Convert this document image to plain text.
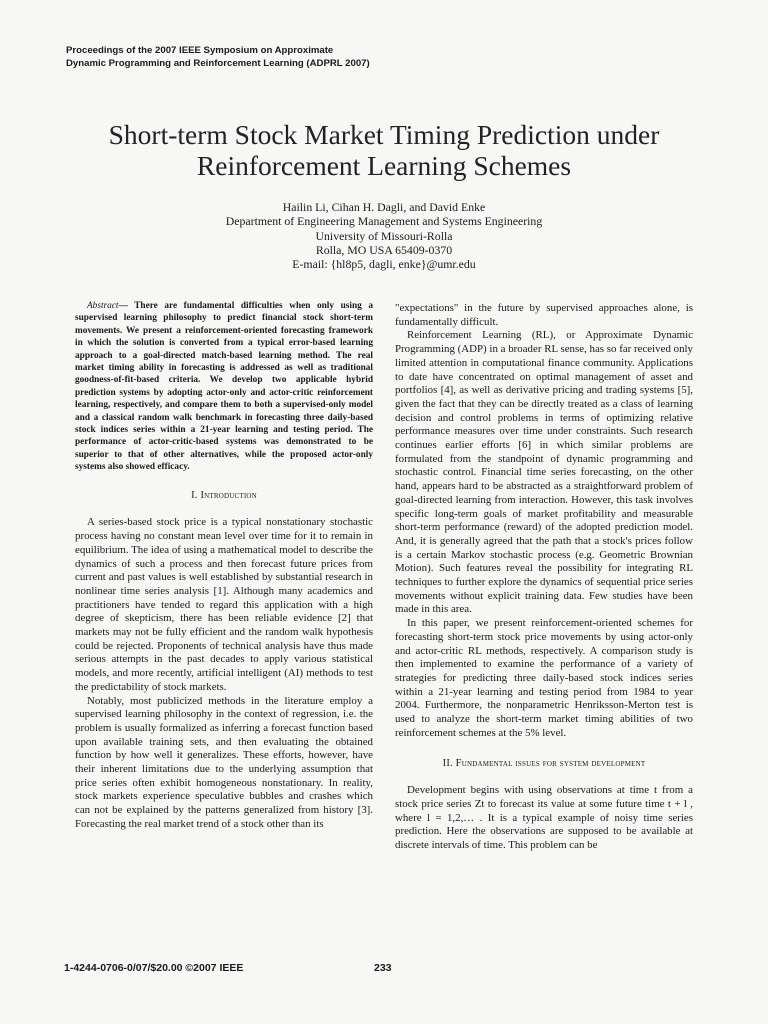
Proceedings of the 2007 IEEE Symposium on Approximate
Dynamic Programming and Reinforcement Learning (ADPRL 2007)
Short-term Stock Market Timing Prediction under
Reinforcement Learning Schemes
Hailin Li, Cihan H. Dagli, and David Enke
Department of Engineering Management and Systems Engineering
University of Missouri-Rolla
Rolla, MO USA 65409-0370
E-mail: {hl8p5, dagli, enke}@umr.edu

Abstract— There are fundamental difficulties when only using a supervised learning philosophy to predict financial stock short-term movements. We present a reinforcement-oriented forecasting framework in which the solution is converted from a typical error-based learning approach to a goal-directed match-based learning method. The real market timing ability in forecasting is addressed as well as traditional goodness-of-fit-based criteria. We develop two applicable hybrid prediction systems by adopting actor-only and actor-critic reinforcement learning, respectively, and compare them to both a supervised-only model and a classical random walk benchmark in forecasting three daily-based stock indices series within a 21-year learning and testing period. The performance of actor-critic-based systems was demonstrated to be superior to that of other alternatives, while the proposed actor-only systems also showed efficacy.

I. Introduction

A series-based stock price is a typical nonstationary stochastic process having no constant mean level over time for it to remain in equilibrium. The idea of using a mathematical model to describe the dynamics of such a process and then forecast future prices from current and past values is well established by substantial research in nonlinear time series analysis [1]. Although many academics and practitioners have tended to regard this application with a high degree of skepticism, there has been reliable evidence [2] that markets may not be fully efficient and the random walk hypothesis could be rejected. Proponents of technical analysis have thus made serious attempts in the past decades to apply various statistical models, and more recently, artificial intelligent (AI) methods to test the predictability of stock markets.

Notably, most publicized methods in the literature employ a supervised learning philosophy in the context of regression, i.e. the problem is usually formalized as inferring a forecast function based upon available training sets, and then evaluating the obtained function by how well it generalizes. These efforts, however, have their inherent limitations due to the underlying assumption that price series often exhibit homogeneous nonstationary. In reality, stock markets experience speculative bubbles and crashes which can not be explained by the patterns generalized from history [3]. Forecasting the real market trend of a stock other than its

"expectations" in the future by supervised approaches alone, is fundamentally difficult.

Reinforcement Learning (RL), or Approximate Dynamic Programming (ADP) in a broader RL sense, has so far received only limited attention in computational finance community. Applications to date have concentrated on optimal management of asset and portfolios [4], as well as derivative pricing and trading systems [5], given the fact that they can be directly treated as a class of learning decision and control problems in terms of optimizing relative performance measures over time under constraints. Such research continues earlier efforts [6] in which similar problems are formulated from the standpoint of dynamic programming and stochastic control. Financial time series forecasting, on the other hand, appears hard to be abstracted as a straightforward problem of goal-directed learning from interaction. However, this task involves specific long-term goals of market profitability and measurable short-term performance (reward) of the adopted prediction model. And, it is generally agreed that the path that a stock's prices follow is a certain Markov stochastic process (e.g. Geometric Brownian Motion). Such features reveal the possibility for integrating RL techniques to further explore the dynamics of sequential price series movements without explicit training data. Few studies have been made in this area.

In this paper, we present reinforcement-oriented schemes for forecasting short-term stock price movements by using actor-only and actor-critic RL methods, respectively. A comparison study is then implemented to examine the performance of a variety of strategies for predicting three daily-based stock indices series within a 21-year learning and testing period from 1984 to year 2004. Furthermore, the nonparametric Henriksson-Merton test is used to analyze the short-term market timing abilities of two reinforcement schemes at the 5% level.

II. Fundamental issues for system development

Development begins with using observations at time t from a stock price series Zt to forecast its value at some future time t + l , where l = 1,2,… . It is a typical example of noisy time series prediction. Here the observations are supposed to be available at discrete intervals of time. This problem can be

1-4244-0706-0/07/$20.00 ©2007 IEEE	233
